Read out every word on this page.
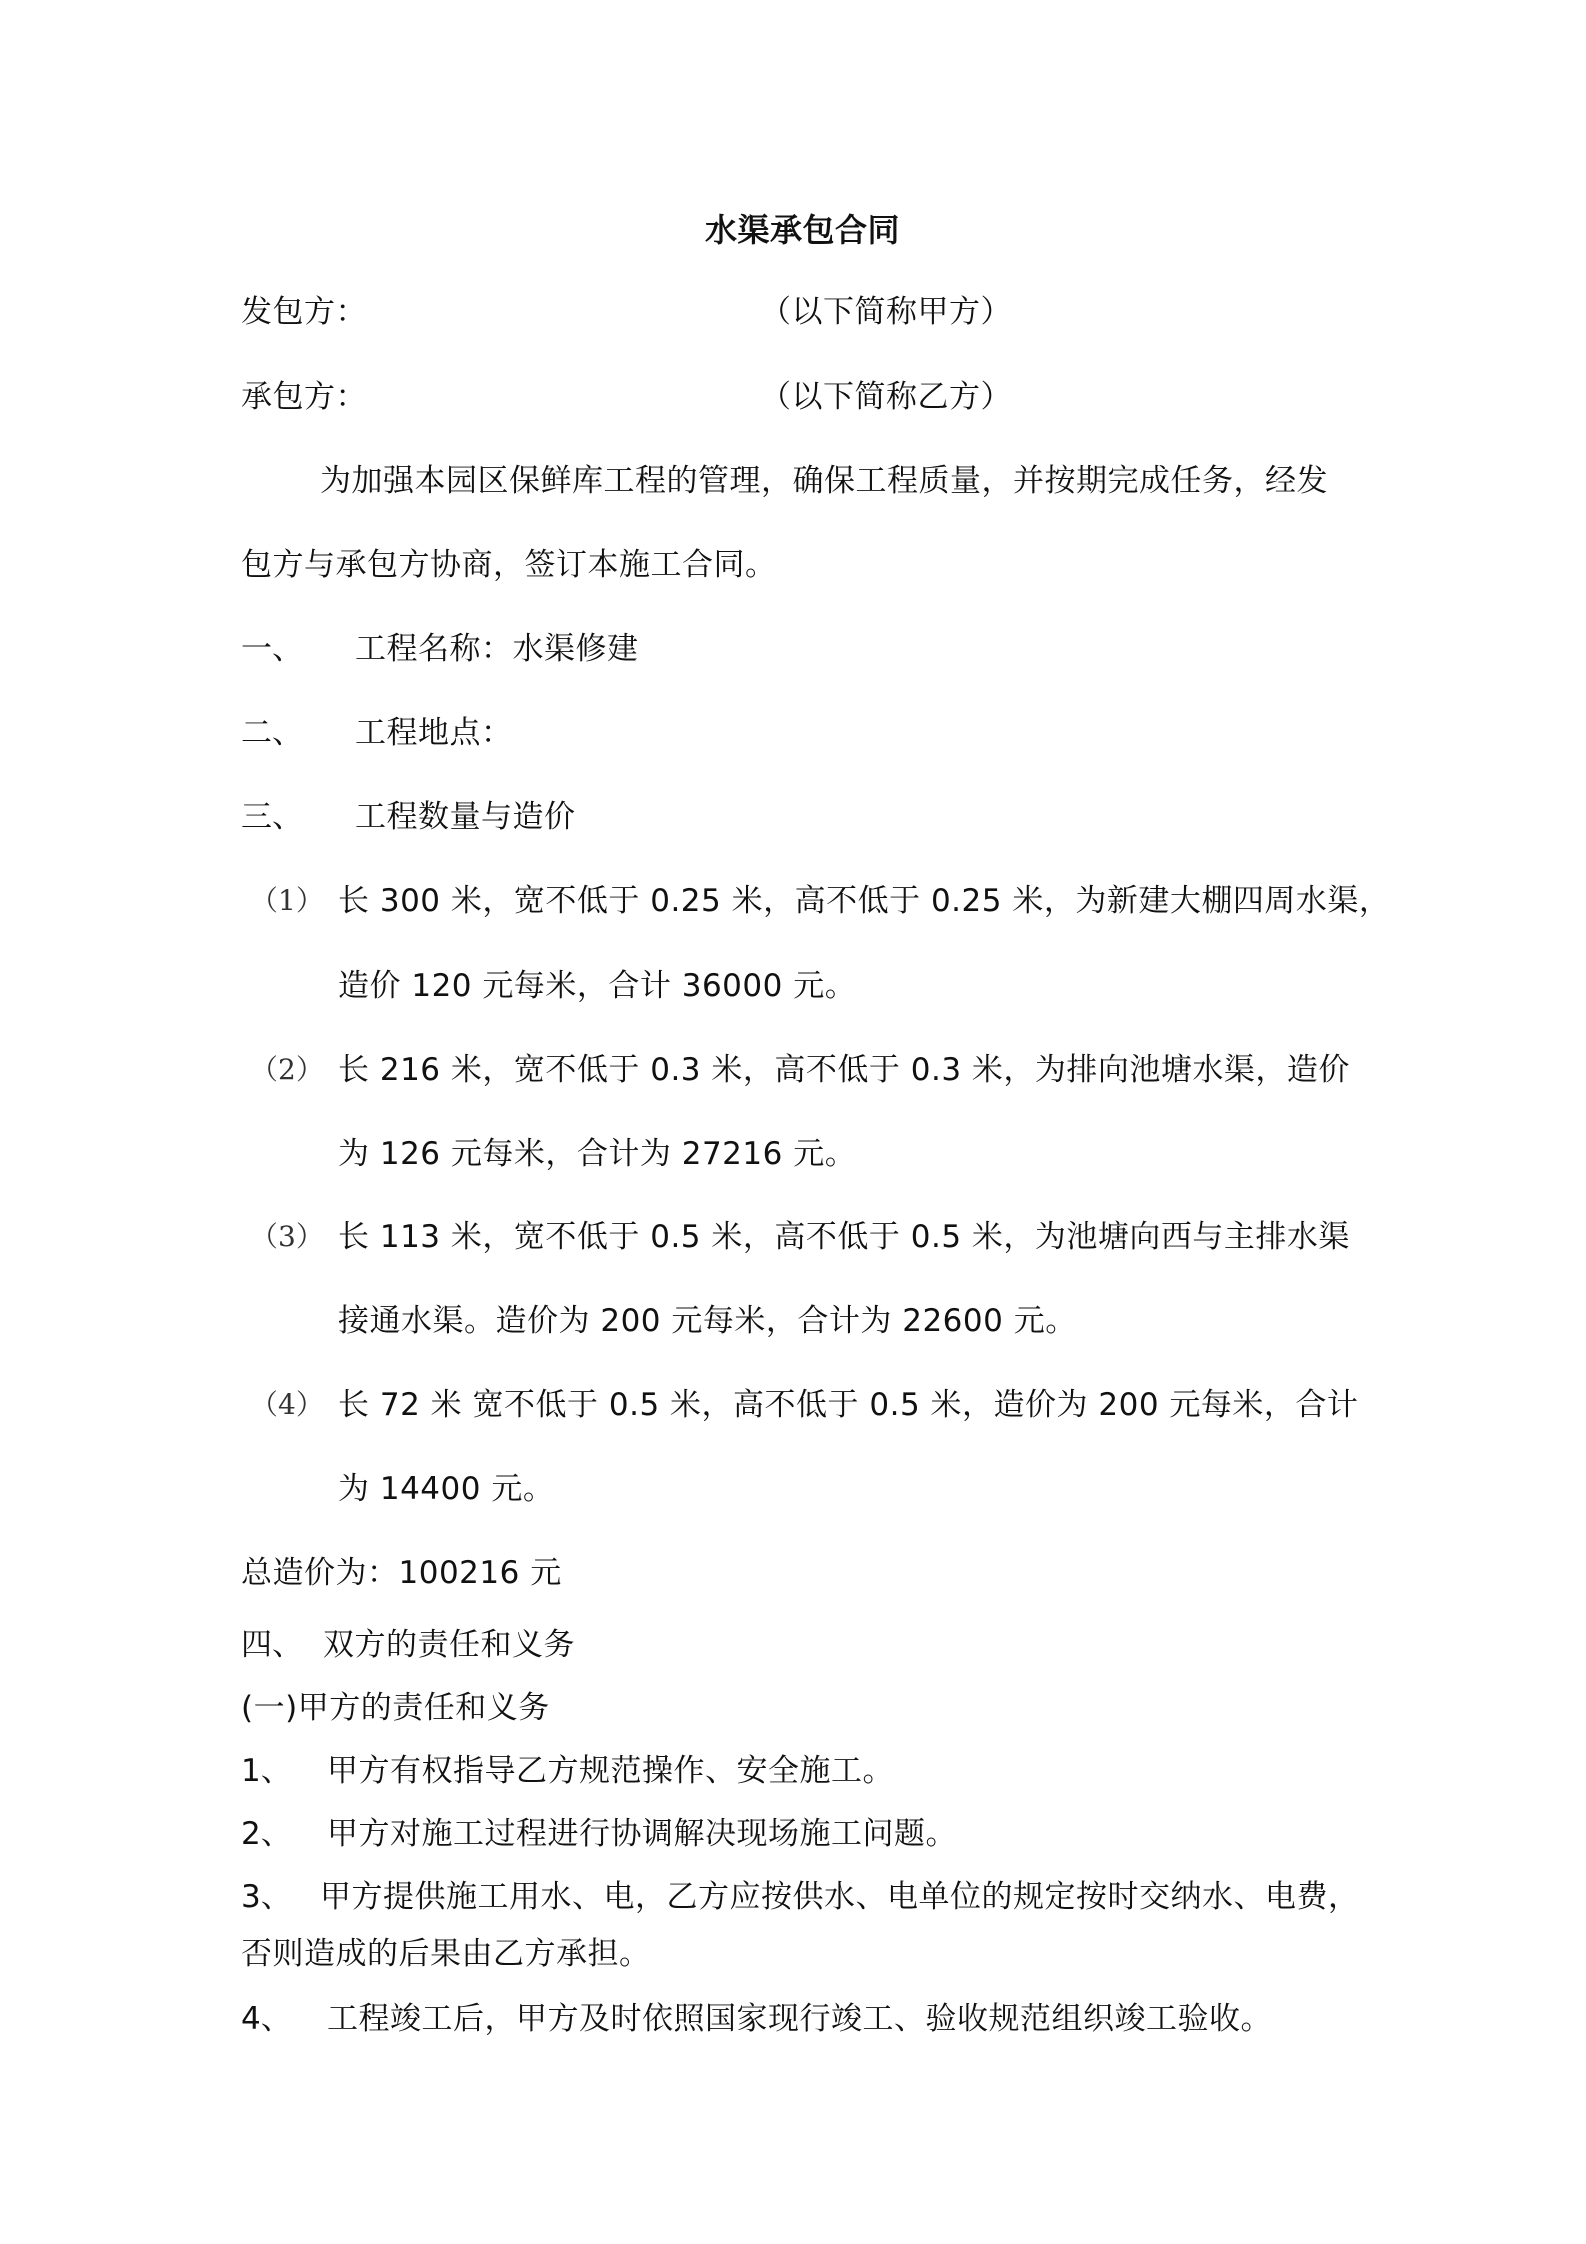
水渠承包合同
发包方：	（以下简称甲方）
承包方：	（以下简称乙方）
为加强本园区保鲜库工程的管理，确保工程质量，并按期完成任务，经发
包方与承包方协商，签订本施工合同。
一、 工程名称：水渠修建
二、 工程地点：
三、 工程数量与造价
（1） 长 300 米，宽不低于 0.25 米，高不低于 0.25 米，为新建大棚四周水渠，
造价 120 元每米，合计 36000 元。
（2） 长 216 米，宽不低于 0.3 米，高不低于 0.3 米，为排向池塘水渠，造价
为 126 元每米，合计为 27216 元。
（3） 长 113 米，宽不低于 0.5 米，高不低于 0.5 米，为池塘向西与主排水渠
接通水渠。造价为 200 元每米，合计为 22600 元。
（4） 长 72 米 宽不低于 0.5 米，高不低于 0.5 米，造价为 200 元每米，合计
为 14400 元。
总造价为：100216 元
四、 双方的责任和义务
(一)甲方的责任和义务
1、 甲方有权指导乙方规范操作、安全施工。
2、 甲方对施工过程进行协调解决现场施工问题。
3、 甲方提供施工用水、电，乙方应按供水、电单位的规定按时交纳水、电费，
否则造成的后果由乙方承担。
4、 工程竣工后，甲方及时依照国家现行竣工、验收规范组织竣工验收。
